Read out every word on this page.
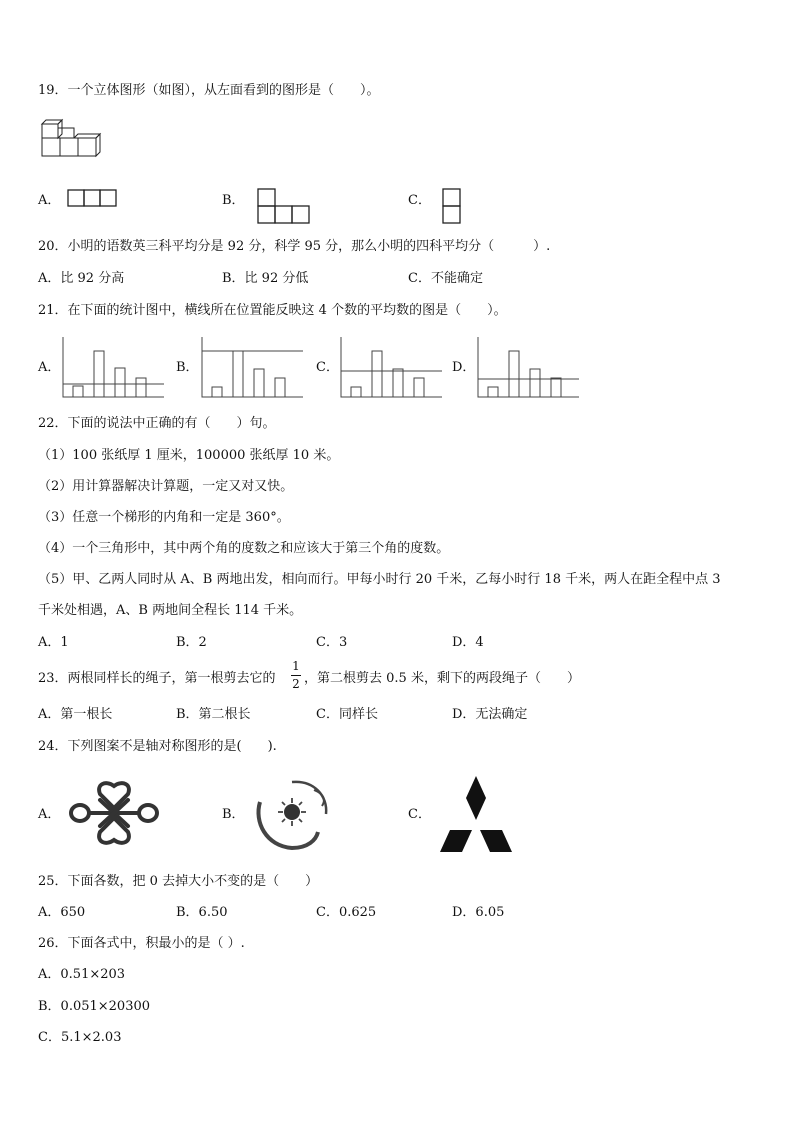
19．一个立体图形（如图），从左面看到的图形是（　　）。
A．	B．	C．
20．小明的语数英三科平均分是 92 分，科学 95 分，那么小明的四科平均分（　　　）.
A．比 92 分高	B．比 92 分低	C．不能确定
21．在下面的统计图中，横线所在位置能反映这 4 个数的平均数的图是（　　）。
A．	B．	C．	D．
22．下面的说法中正确的有（　　）句。
（1）100 张纸厚 1 厘米，100000 张纸厚 10 米。
（2）用计算器解决计算题，一定又对又快。
（3）任意一个梯形的内角和一定是 360°。
（4）一个三角形中，其中两个角的度数之和应该大于第三个角的度数。
（5）甲、乙两人同时从 A、B 两地出发，相向而行。甲每小时行 20 千米，乙每小时行 18 千米，两人在距全程中点 3
千米处相遇，A、B 两地间全程长 114 千米。
A．1	B．2	C．3	D．4
23．两根同样长的绳子，第一根剪去它的
1
2 ，第二根剪去 0.5 米，剩下的两段绳子（　　）
A．第一根长	B．第二根长	C．同样长	D．无法确定
24．下列图案不是轴对称图形的是(　　).
A．	B．	C．
25．下面各数，把 0 去掉大小不变的是（　　）
A．650	B．6.50	C．0.625	D．6.05
26．下面各式中，积最小的是（ ）.
A．0.51×203
B．0.051×20300
C．5.1×2.03
